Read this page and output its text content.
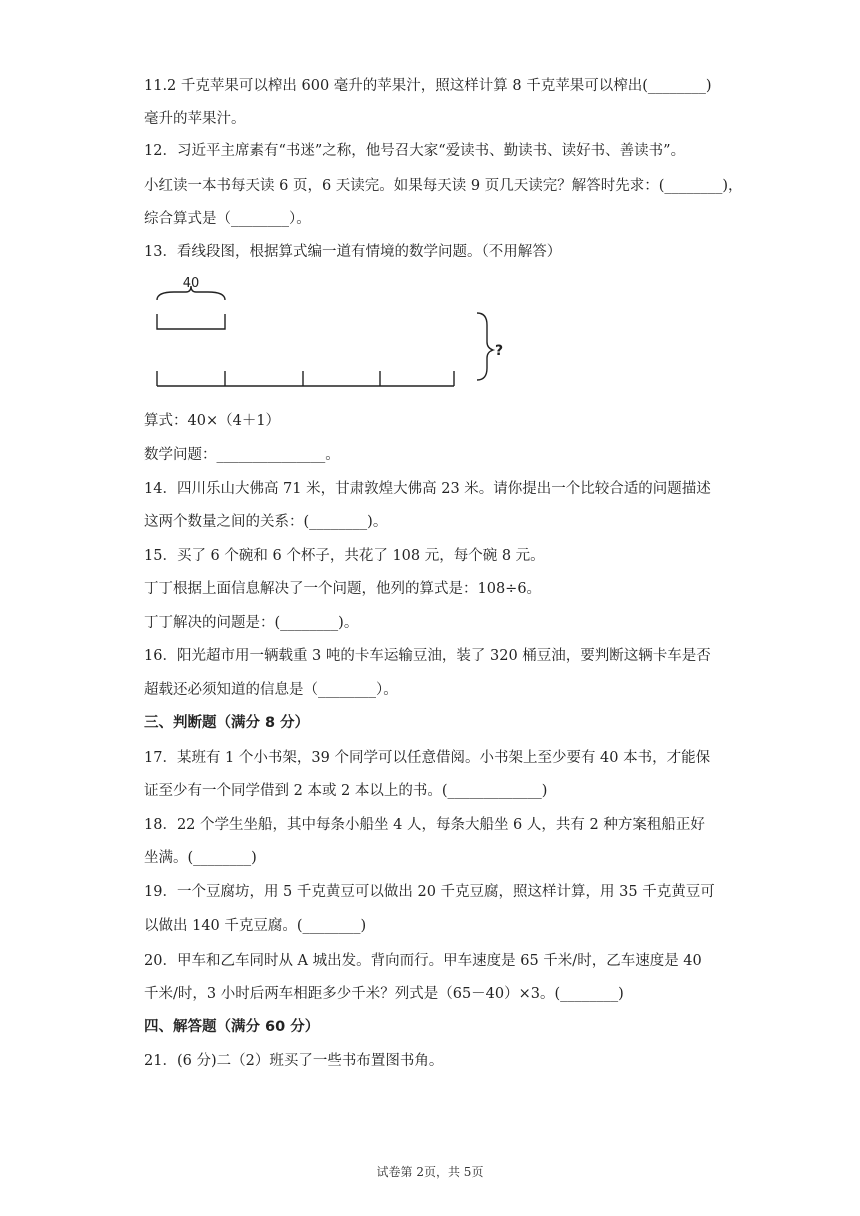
11.2 千克苹果可以榨出 600 毫升的苹果汁，照这样计算 8 千克苹果可以榨出(________)
毫升的苹果汁。
12．习近平主席素有“书迷”之称，他号召大家“爱读书、勤读书、读好书、善读书”。
小红读一本书每天读 6 页，6 天读完。如果每天读 9 页几天读完？解答时先求：(________)，
综合算式是（________）。
13．看线段图，根据算式编一道有情境的数学问题。（不用解答）
40
?
算式：40×（4＋1）
数学问题：_______________。
14．四川乐山大佛高 71 米，甘肃敦煌大佛高 23 米。请你提出一个比较合适的问题描述
这两个数量之间的关系：(________)。
15．买了 6 个碗和 6 个杯子，共花了 108 元，每个碗 8 元。
丁丁根据上面信息解决了一个问题，他列的算式是：108÷6。
丁丁解决的问题是：(________)。
16．阳光超市用一辆载重 3 吨的卡车运输豆油，装了 320 桶豆油，要判断这辆卡车是否
超载还必须知道的信息是（________）。
三、判断题（满分 8 分）
17．某班有 1 个小书架，39 个同学可以任意借阅。小书架上至少要有 40 本书，才能保
证至少有一个同学借到 2 本或 2 本以上的书。(_____________)
18．22 个学生坐船，其中每条小船坐 4 人，每条大船坐 6 人，共有 2 种方案租船正好
坐满。(________)
19．一个豆腐坊，用 5 千克黄豆可以做出 20 千克豆腐，照这样计算，用 35 千克黄豆可
以做出 140 千克豆腐。(________)
20．甲车和乙车同时从 A 城出发。背向而行。甲车速度是 65 千米/时，乙车速度是 40
千米/时，3 小时后两车相距多少千米？列式是（65－40）×3。(________)
四、解答题（满分 60 分）
21．(6 分)二（2）班买了一些书布置图书角。
试卷第 2页，共 5页
